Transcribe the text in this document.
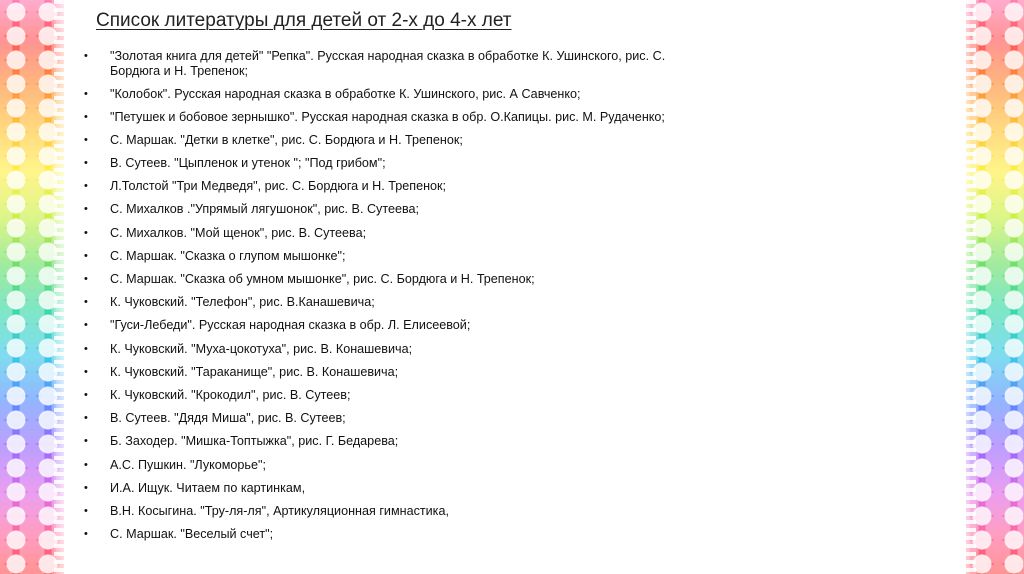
Список литературы для детей от 2-х до 4-х лет
•	"Золотая книга для детей" "Репка". Русская народная сказка в обработке К. Ушинского, рис. С.
Бордюга и Н. Трепенок;
•	"Колобок". Русская народная сказка в обработке К. Ушинского, рис. А Савченко;
•	"Петушек и бобовое зернышко". Русская народная сказка в обр. О.Капицы. рис. М. Рудаченко;
•	С. Маршак. "Детки в клетке", рис. С. Бордюга и Н. Трепенок;
•	В. Сутеев. "Цыпленок и утенок "; "Под грибом";
•	Л.Толстой "Три Медведя", рис. С. Бордюга и Н. Трепенок;
•	С. Михалков ."Упрямый лягушонок", рис. В. Сутеева;
•	С. Михалков. "Мой щенок", рис. В. Сутеева;
•	С. Маршак. "Сказка о глупом мышонке";
•	С. Маршак. "Сказка об умном мышонке", рис. С. Бордюга и Н. Трепенок;
•	К. Чуковский. "Телефон", рис. В.Канашевича;
•	"Гуси-Лебеди". Русская народная сказка в обр. Л. Елисеевой;
•	К. Чуковский. "Муха-цокотуха", рис. В. Конашевича;
•	К. Чуковский. "Тараканище", рис. В. Конашевича;
•	К. Чуковский. "Крокодил", рис. В. Сутеев;
•	В. Сутеев. "Дядя Миша", рис. В. Сутеев;
•	Б. Заходер. "Мишка-Топтыжка", рис. Г. Бедарева;
•	А.С. Пушкин. "Лукоморье";
•	И.А. Ищук. Читаем по картинкам,
•	В.Н. Косыгина. "Тру-ля-ля", Артикуляционная гимнастика,
•	С. Маршак. "Веселый счет";
